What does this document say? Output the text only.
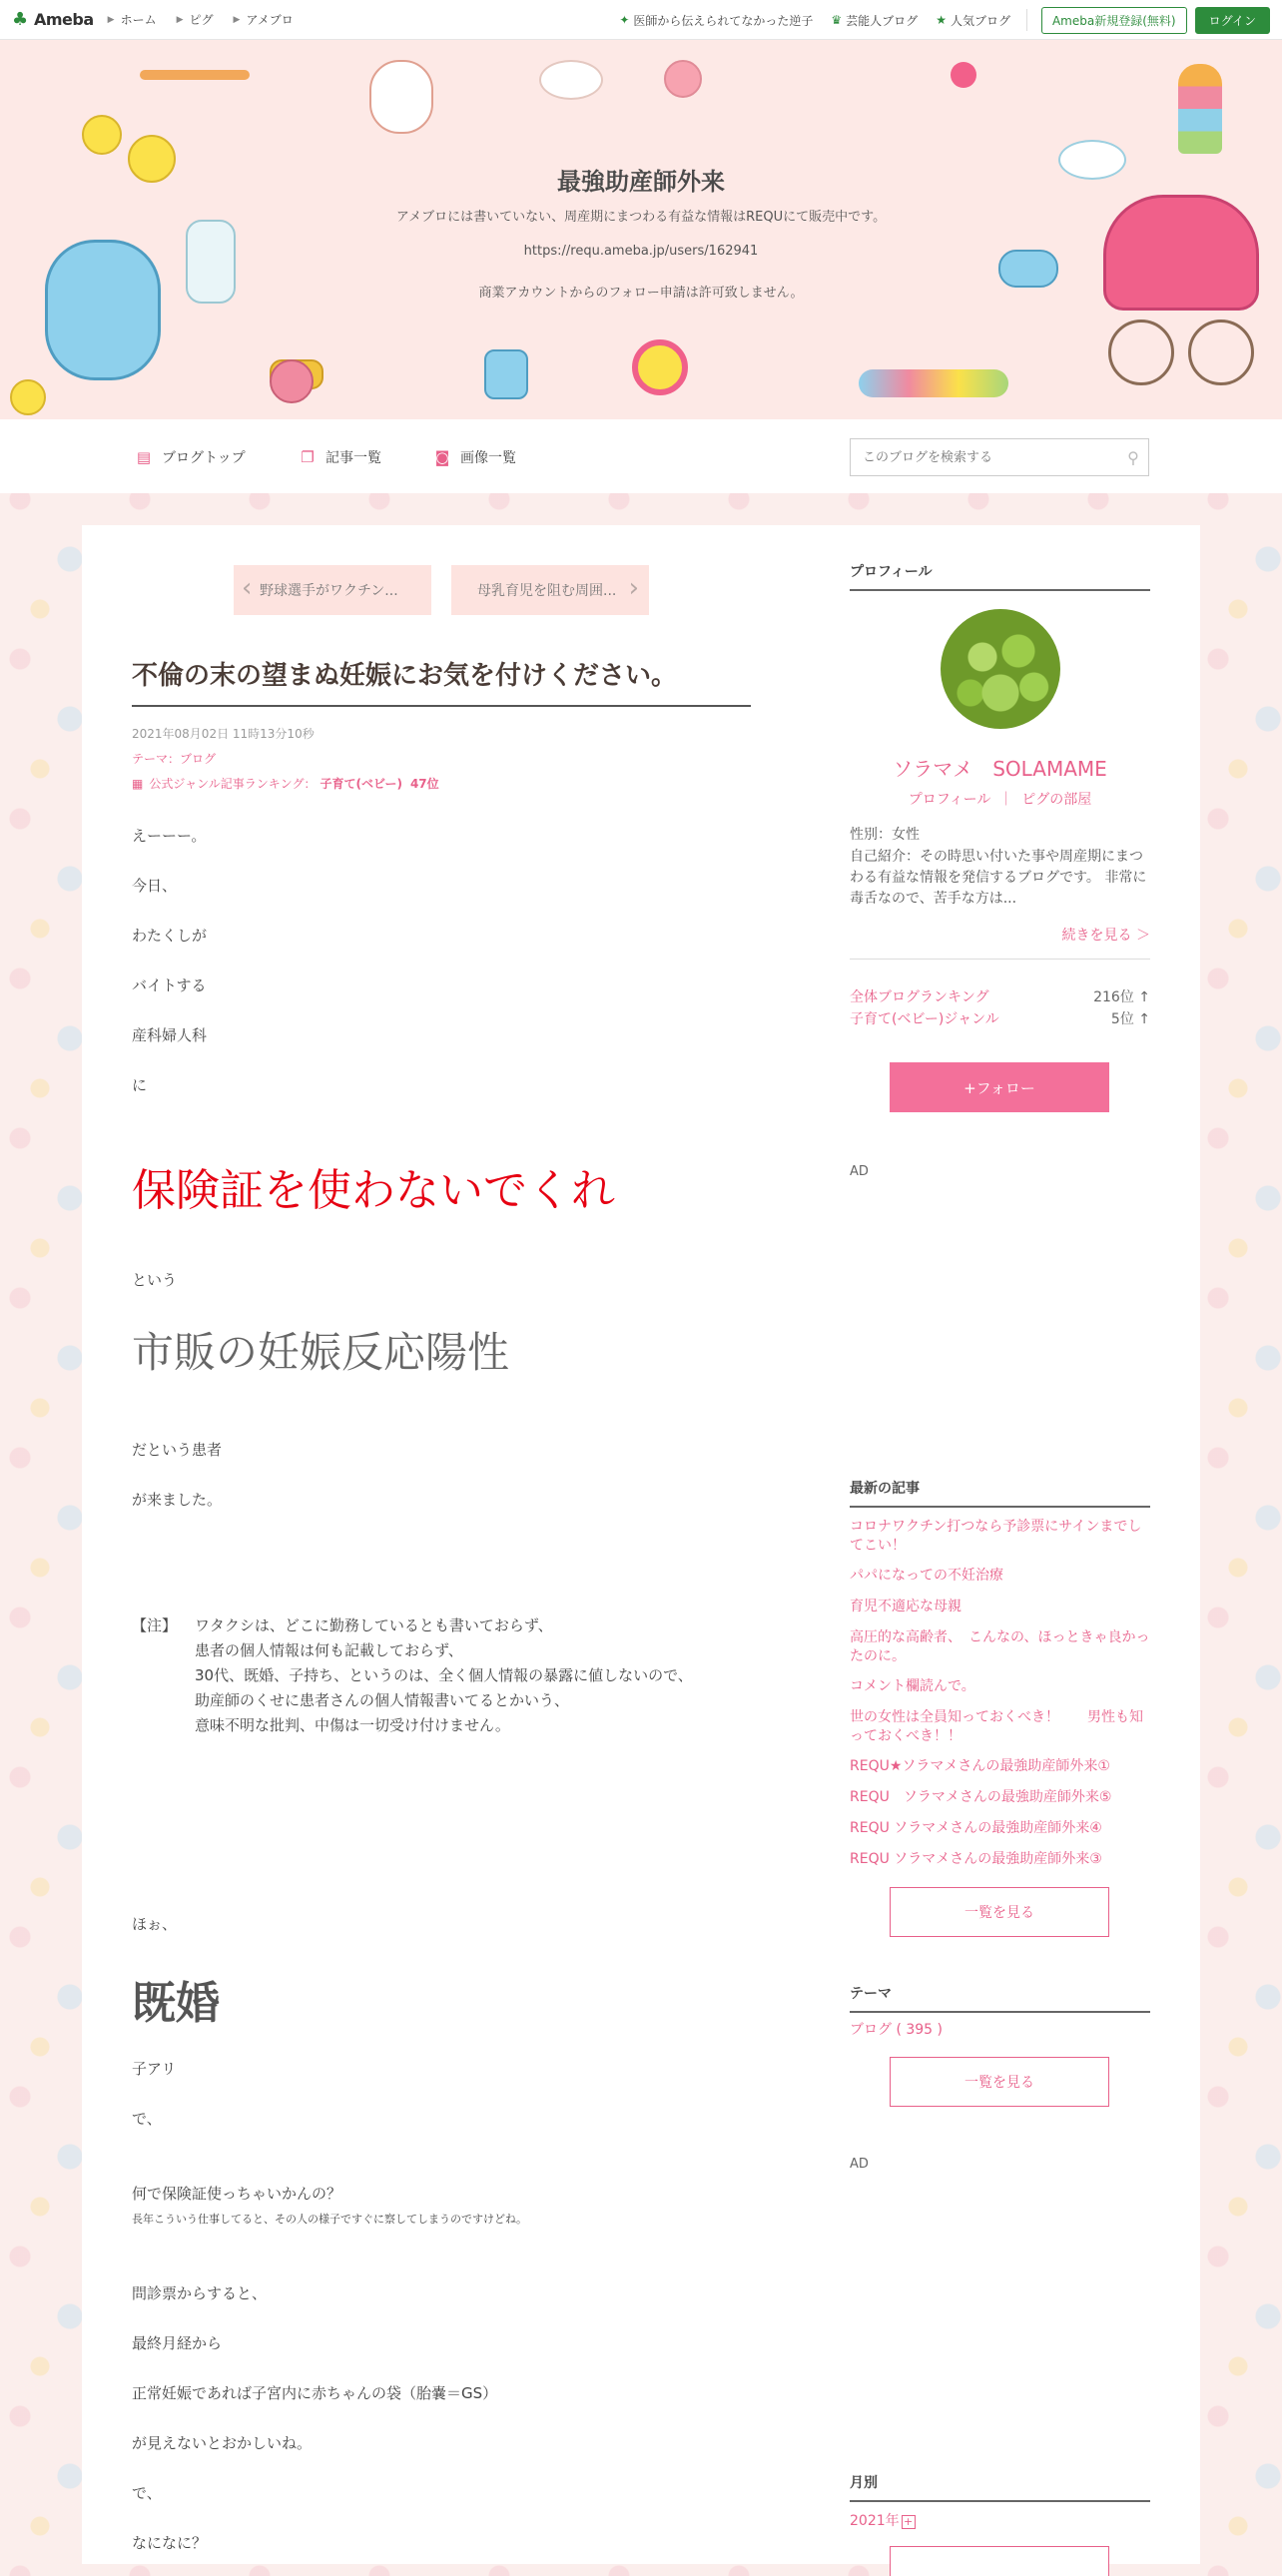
♣ Ameba ▶ ホーム ▶ ピグ ▶ アメブロ	✦ 医師から伝えられてなかった逆子 ♛ 芸能人ブログ ★ 人気ブログ	Ameba新規登録(無料)	ログイン
最強助産師外来
アメブロには書いていない、周産期にまつわる有益な情報はREQUにて販売中です。
https://requ.ameba.jp/users/162941
商業アカウントからのフォロー申請は許可致しません。
▤ ブログトップ	❐ 記事一覧	◙ 画像一覧
このブログを検索する	⚲
‹ 野球選手がワクチン...	母乳育児を阻む周囲... ›
不倫の末の望まぬ妊娠にお気を付けください。
2021年08月02日 11時13分10秒
テーマ：ブログ
▦ 公式ジャンル記事ランキング： 子育て(ベビー) 47位
えーーー。
今日、
わたくしが
バイトする
産科婦人科
に
保険証を使わないでくれ
という
市販の妊娠反応陽性
だという患者
が来ました。
【注】 ワタクシは、どこに勤務しているとも書いておらず、
患者の個人情報は何も記載しておらず、
30代、既婚、子持ち、というのは、全く個人情報の暴露に値しないので、
助産師のくせに患者さんの個人情報書いてるとかいう、
意味不明な批判、中傷は一切受け付けません。
ほぉ、
既婚
子アリ
で、
何で保険証使っちゃいかんの？
長年こういう仕事してると、その人の様子ですぐに察してしまうのですけどね。
問診票からすると、
最終月経から
正常妊娠であれば子宮内に赤ちゃんの袋（胎嚢＝GS）
が見えないとおかしいね。
で、
なになに？
プロフィール
ソラマメ　SOLAMAME
プロフィール ｜ ピグの部屋
性別：女性
自己紹介：その時思い付いた事や周産期にまつわる有益な情報を発信するブログです。 非常に毒舌なので、苦手な方は...
続きを見る ＞
全体ブログランキング	216位 ↑
子育て(ベビー)ジャンル	5位 ↑
+フォロー
AD
最新の記事
コロナワクチン打つなら予診票にサインまでしてこい！
パパになっての不妊治療
育児不適応な母親
高圧的な高齢者、　こんなの、ほっときゃ良かったのに。
コメント欄読んで。
世の女性は全員知っておくべき！　　男性も知っておくべき！！
REQU★ソラマメさんの最強助産師外来①
REQU　ソラマメさんの最強助産師外来⑤
REQU ソラマメさんの最強助産師外来④
REQU ソラマメさんの最強助産師外来③
一覧を見る
テーマ
ブログ ( 395 )
一覧を見る
AD
月別
2021年 +
